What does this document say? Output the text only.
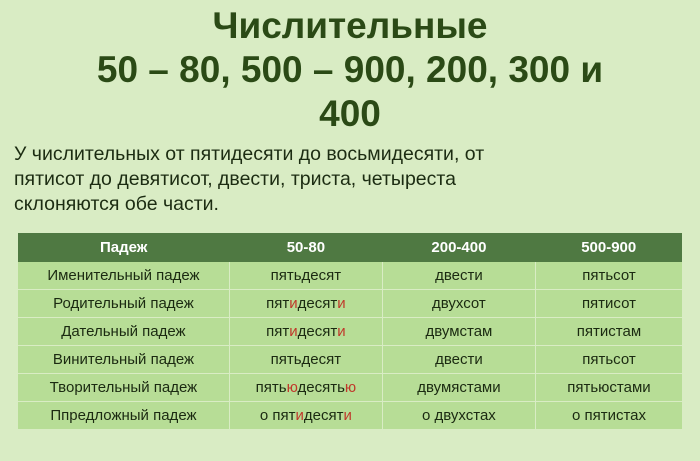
Числительные
50 – 80, 500 – 900, 200, 300 и
400
У числительных от пятидесяти до восьмидесяти, от
пятисот до девятисот, двести, триста, четыреста
склоняются обе части.
Падеж	50-80	200-400	500-900
Именительный падеж	пятьдесят	двести	пятьсот
Родительный падеж	пятидесяти	двухсот	пятисот
Дательный падеж	пятидесяти	двумстам	пятистам
Винительный падеж	пятьдесят	двести	пятьсот
Творительный падеж	пятьюдесятью	двумястами	пятьюстами
Ппредложный падеж	о пятидесяти	о двухстах	о пятистах
